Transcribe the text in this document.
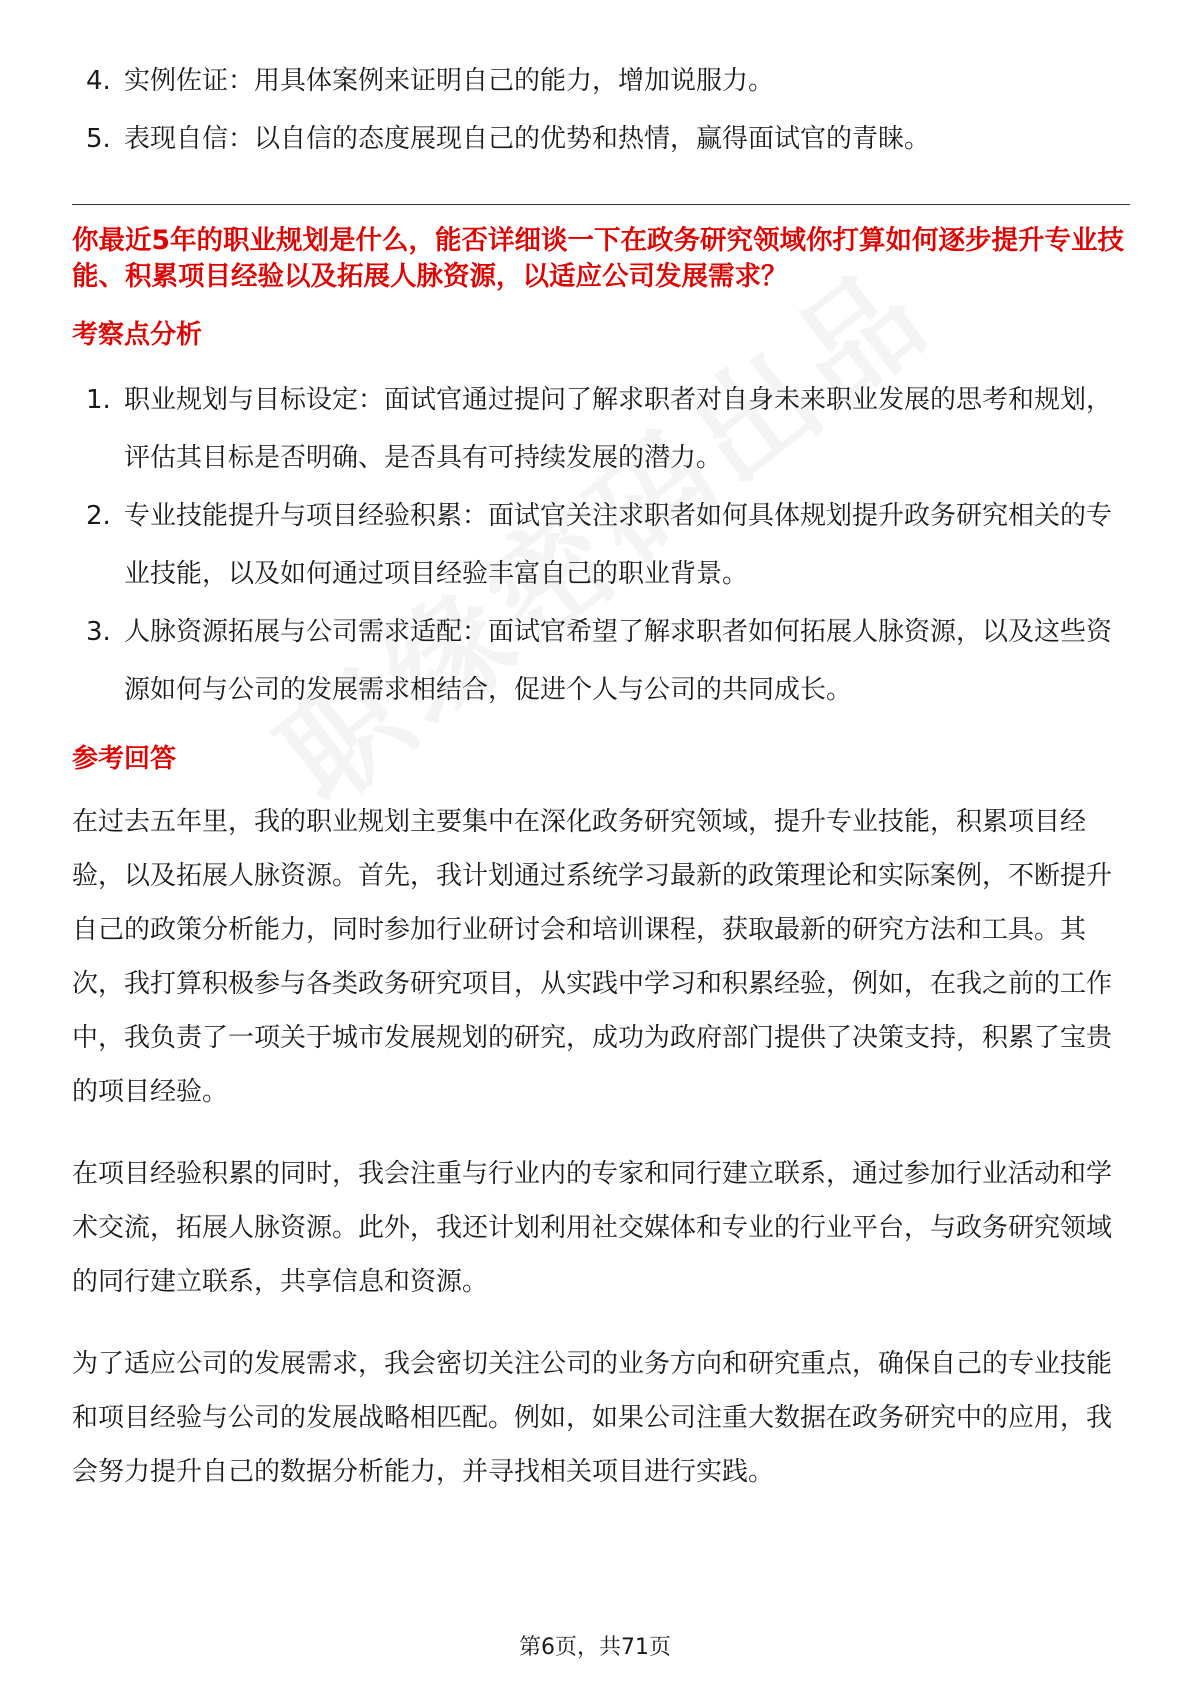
4. 实例佐证：用具体案例来证明自己的能力，增加说服力。
5. 表现自信：以自信的态度展现自己的优势和热情，赢得面试官的青睐。
你最近5年的职业规划是什么，能否详细谈一下在政务研究领域你打算如何逐步提升专业技能、积累项目经验以及拓展人脉资源，以适应公司发展需求？
考察点分析
1. 职业规划与目标设定：面试官通过提问了解求职者对自身未来职业发展的思考和规划，评估其目标是否明确、是否具有可持续发展的潜力。
2. 专业技能提升与项目经验积累：面试官关注求职者如何具体规划提升政务研究相关的专业技能，以及如何通过项目经验丰富自己的职业背景。
3. 人脉资源拓展与公司需求适配：面试官希望了解求职者如何拓展人脉资源，以及这些资源如何与公司的发展需求相结合，促进个人与公司的共同成长。
参考回答

在过去五年里，我的职业规划主要集中在深化政务研究领域，提升专业技能，积累项目经验，以及拓展人脉资源。首先，我计划通过系统学习最新的政策理论和实际案例，不断提升自己的政策分析能力，同时参加行业研讨会和培训课程，获取最新的研究方法和工具。其次，我打算积极参与各类政务研究项目，从实践中学习和积累经验，例如，在我之前的工作中，我负责了一项关于城市发展规划的研究，成功为政府部门提供了决策支持，积累了宝贵的项目经验。

在项目经验积累的同时，我会注重与行业内的专家和同行建立联系，通过参加行业活动和学术交流，拓展人脉资源。此外，我还计划利用社交媒体和专业的行业平台，与政务研究领域的同行建立联系，共享信息和资源。

为了适应公司的发展需求，我会密切关注公司的业务方向和研究重点，确保自己的专业技能和项目经验与公司的发展战略相匹配。例如，如果公司注重大数据在政务研究中的应用，我会努力提升自己的数据分析能力，并寻找相关项目进行实践。

第6页，共71页
